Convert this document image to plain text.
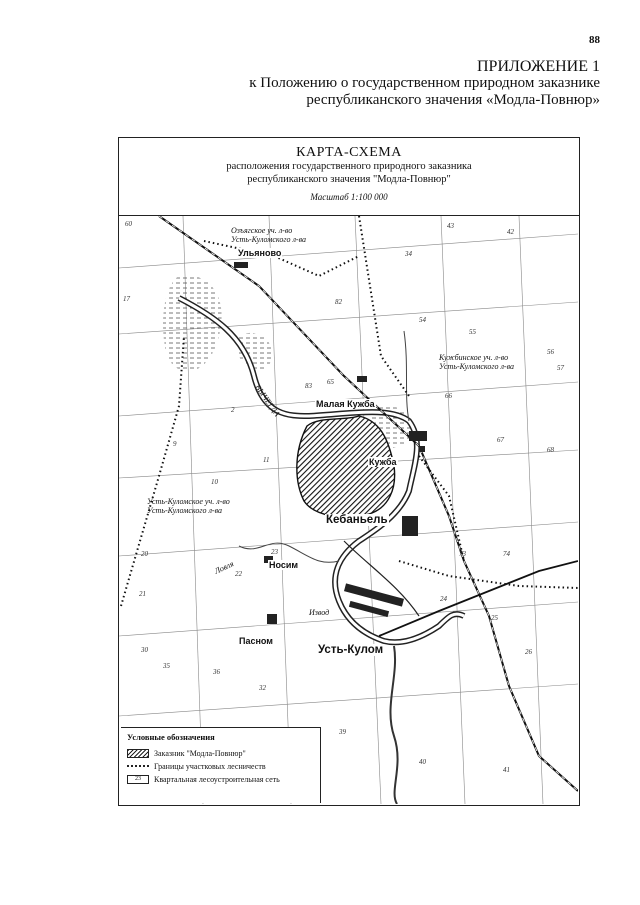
88
ПРИЛОЖЕНИЕ 1
к Положению о государственном природном заказнике
республиканского значения «Модла-Повнюр»
КАРТА-СХЕМА
расположения государственного природного заказника
республиканского значения "Модла-Повнюр"
Масштаб 1:100 000
Ульяново
Малая Кужба
Кужба
Кебаньель
Носим
Пасном
Усть-Кулом
ВЫЧЕГДА
Ловля
Озъягское уч. л-во
Усть-Куломского л-ва
Кужбинское уч. л-во
Усть-Куломского л-ва
Усть-Куломское уч. л-во
Усть-Куломского л-ва
Извод
60	43
42
34
17	82
54
55
56
57
2
83 65
66
67
9
11
10
68
74
73
20
22
21
23
24
25
26
30
35
36
32
39
40
41
Условные обозначения
Заказник "Модла-Повнюр"
Границы участковых лесничеств
23	Квартальная лесоустроительная сеть
